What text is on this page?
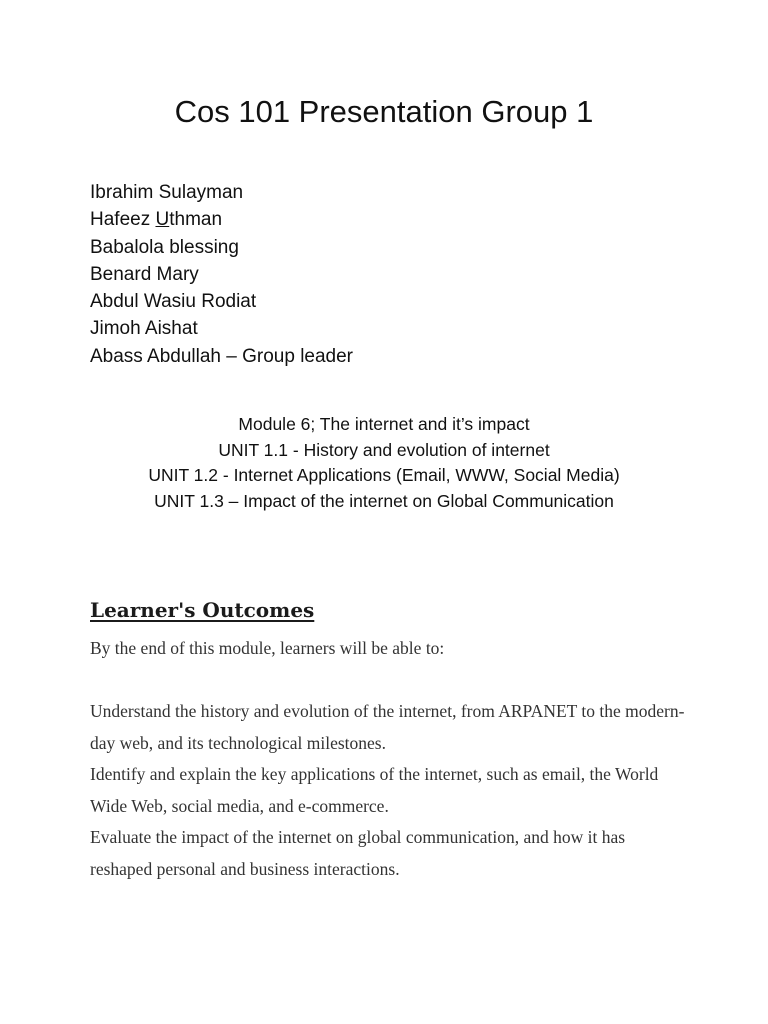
Cos 101 Presentation Group 1
Ibrahim Sulayman
Hafeez Uthman
Babalola blessing
Benard Mary
Abdul Wasiu Rodiat
Jimoh Aishat
Abass Abdullah – Group leader
Module 6; The internet and it’s impact
UNIT 1.1 - History and evolution of internet
UNIT 1.2 - Internet Applications (Email, WWW, Social Media)
UNIT 1.3 – Impact of the internet on Global Communication
Learner's Outcomes

By the end of this module, learners will be able to:

Understand the history and evolution of the internet, from ARPANET to the modern-day web, and its technological milestones.
Identify and explain the key applications of the internet, such as email, the World Wide Web, social media, and e-commerce.
Evaluate the impact of the internet on global communication, and how it has reshaped personal and business interactions.
